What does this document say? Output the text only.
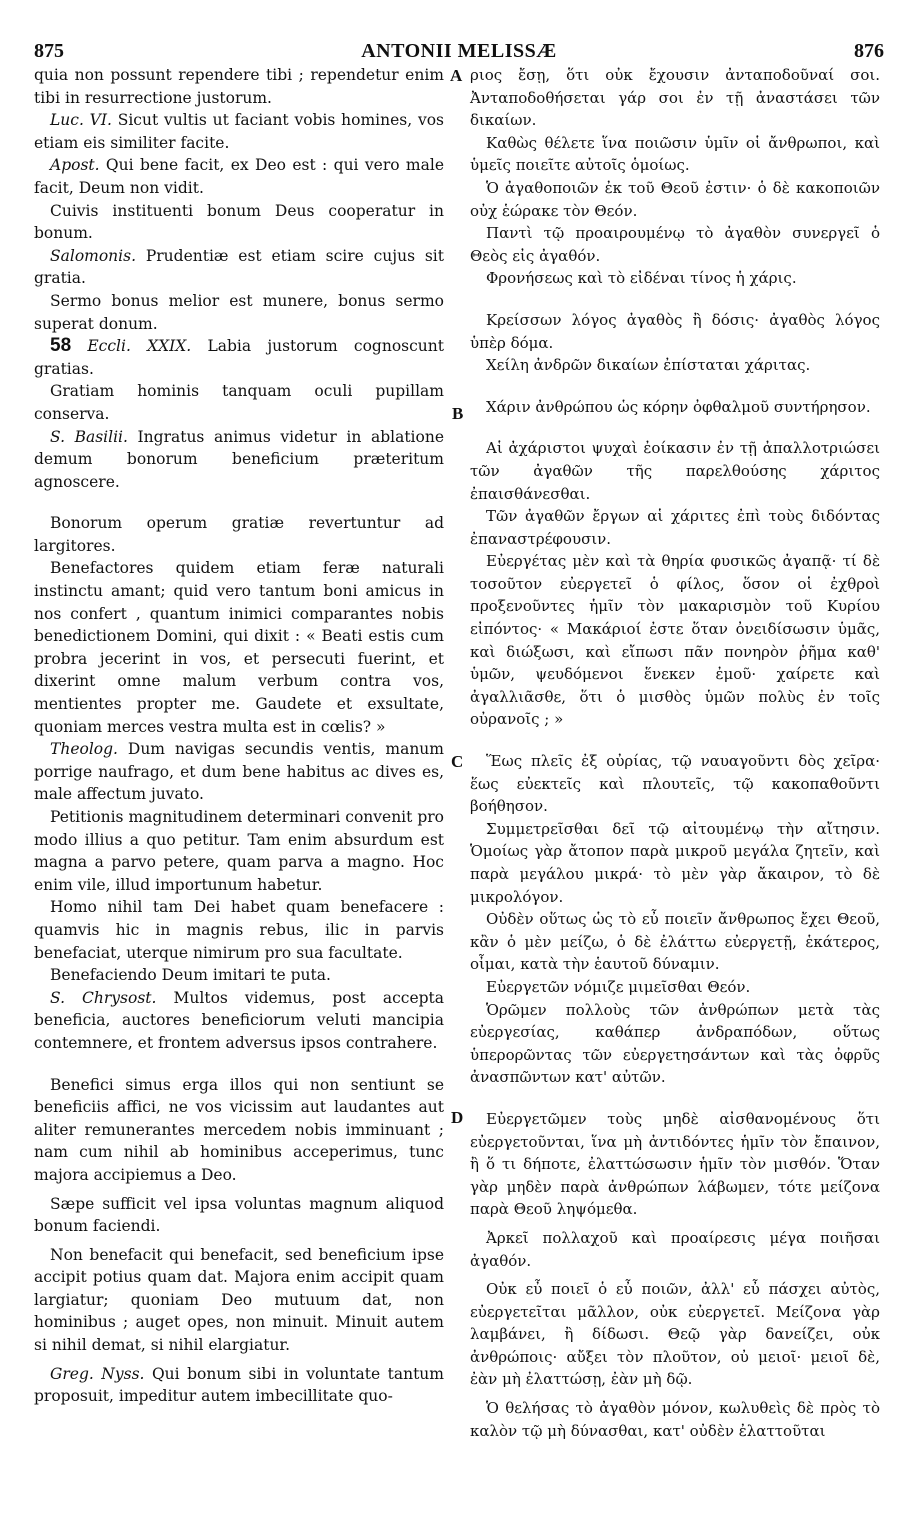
875	ANTONII MELISSÆ	876
A
B
C
D

quia non possunt rependere tibi ; rependetur enim tibi in resurrectione justorum.

Luc. VI. Sicut vultis ut faciant vobis homines, vos etiam eis similiter facite.

Apost. Qui bene facit, ex Deo est : qui vero male facit, Deum non vidit.

Cuivis instituenti bonum Deus cooperatur in bonum.

Salomonis. Prudentiæ est etiam scire cujus sit gratia.

Sermo bonus melior est munere, bonus sermo superat donum.

58 Eccli. XXIX. Labia justorum cognoscunt gratias.

Gratiam hominis tanquam oculi pupillam conserva.

S. Basilii. Ingratus animus videtur in ablatione demum bonorum beneficium præteritum agnoscere.

Bonorum operum gratiæ revertuntur ad largitores.

Benefactores quidem etiam feræ naturali instinctu amant; quid vero tantum boni amicus in nos confert , quantum inimici comparantes nobis benedictionem Domini, qui dixit : « Beati estis cum probra jecerint in vos, et persecuti fuerint, et dixerint omne malum verbum contra vos, mentientes propter me. Gaudete et exsultate, quoniam merces vestra multa est in cœlis? »

Theolog. Dum navigas secundis ventis, manum porrige naufrago, et dum bene habitus ac dives es, male affectum juvato.

Petitionis magnitudinem determinari convenit pro modo illius a quo petitur. Tam enim absurdum est magna a parvo petere, quam parva a magno. Hoc enim vile, illud importunum habetur.

Homo nihil tam Dei habet quam benefacere : quamvis hic in magnis rebus, ilic in parvis benefaciat, uterque nimirum pro sua facultate.

Benefaciendo Deum imitari te puta.

S. Chrysost. Multos videmus, post accepta beneficia, auctores beneficiorum veluti mancipia contemnere, et frontem adversus ipsos contrahere.

Benefici simus erga illos qui non sentiunt se beneficiis affici, ne vos vicissim aut laudantes aut aliter remunerantes mercedem nobis imminuant ; nam cum nihil ab hominibus acceperimus, tunc majora accipiemus a Deo.

Sæpe sufficit vel ipsa voluntas magnum aliquod bonum faciendi.

Non benefacit qui benefacit, sed beneficium ipse accipit potius quam dat. Majora enim accipit quam largiatur; quoniam Deo mutuum dat, non hominibus ; auget opes, non minuit. Minuit autem si nihil demat, si nihil elargiatur.

Greg. Nyss. Qui bonum sibi in voluntate tantum proposuit, impeditur autem imbecillitate quo-

ριος ἔσῃ, ὅτι οὐκ ἔχουσιν ἀνταποδοῦναί σοι. Ἀνταποδοθήσεται γάρ σοι ἐν τῇ ἀναστάσει τῶν δικαίων.

Καθὼς θέλετε ἵνα ποιῶσιν ὑμῖν οἱ ἄνθρωποι, καὶ ὑμεῖς ποιεῖτε αὐτοῖς ὁμοίως.

Ὁ ἀγαθοποιῶν ἐκ τοῦ Θεοῦ ἐστιν· ὁ δὲ κακοποιῶν οὐχ ἑώρακε τὸν Θεόν.

Παντὶ τῷ προαιρουμένῳ τὸ ἀγαθὸν συνεργεῖ ὁ Θεὸς εἰς ἀγαθόν.

Φρονήσεως καὶ τὸ εἰδέναι τίνος ἡ χάρις.

Κρείσσων λόγος ἀγαθὸς ἢ δόσις· ἀγαθὸς λόγος ὑπὲρ δόμα.

Χείλη ἀνδρῶν δικαίων ἐπίσταται χάριτας.

Χάριν ἀνθρώπου ὡς κόρην ὀφθαλμοῦ συντήρησον.

Αἱ ἀχάριστοι ψυχαὶ ἐοίκασιν ἐν τῇ ἀπαλλοτριώσει τῶν ἀγαθῶν τῆς παρελθούσης χάριτος ἐπαισθάνεσθαι.

Τῶν ἀγαθῶν ἔργων αἱ χάριτες ἐπὶ τοὺς διδόντας ἐπαναστρέφουσιν.

Εὐεργέτας μὲν καὶ τὰ θηρία φυσικῶς ἀγαπᾷ· τί δὲ τοσοῦτον εὐεργετεῖ ὁ φίλος, ὅσον οἱ ἐχθροὶ προξενοῦντες ἡμῖν τὸν μακαρισμὸν τοῦ Κυρίου εἰπόντος· « Μακάριοί ἐστε ὅταν ὀνειδίσωσιν ὑμᾶς, καὶ διώξωσι, καὶ εἴπωσι πᾶν πονηρὸν ῥῆμα καθ' ὑμῶν, ψευδόμενοι ἕνεκεν ἐμοῦ· χαίρετε καὶ ἀγαλλιᾶσθε, ὅτι ὁ μισθὸς ὑμῶν πολὺς ἐν τοῖς οὐρανοῖς ; »

Ἕως πλεῖς ἐξ οὐρίας, τῷ ναυαγοῦντι δὸς χεῖρα· ἕως εὐεκτεῖς καὶ πλουτεῖς, τῷ κακοπαθοῦντι βοήθησον.

Συμμετρεῖσθαι δεῖ τῷ αἰτουμένῳ τὴν αἴτησιν. Ὁμοίως γὰρ ἄτοπον παρὰ μικροῦ μεγάλα ζητεῖν, καὶ παρὰ μεγάλου μικρά· τὸ μὲν γὰρ ἄκαιρον, τὸ δὲ μικρολόγον.

Οὐδὲν οὕτως ὡς τὸ εὖ ποιεῖν ἄνθρωπος ἔχει Θεοῦ, κἂν ὁ μὲν μείζω, ὁ δὲ ἐλάττω εὐεργετῇ, ἑκάτερος, οἶμαι, κατὰ τὴν ἑαυτοῦ δύναμιν.

Εὐεργετῶν νόμιζε μιμεῖσθαι Θεόν.

Ὁρῶμεν πολλοὺς τῶν ἀνθρώπων μετὰ τὰς εὐεργεσίας, καθάπερ ἀνδραπόδων, οὕτως ὑπερορῶντας τῶν εὐεργετησάντων καὶ τὰς ὀφρῦς ἀνασπῶντων κατ' αὐτῶν.

Εὐεργετῶμεν τοὺς μηδὲ αἰσθανομένους ὅτι εὐεργετοῦνται, ἵνα μὴ ἀντιδόντες ἡμῖν τὸν ἔπαινον, ἢ ὅ τι δήποτε, ἐλαττώσωσιν ἡμῖν τὸν μισθόν. Ὅταν γὰρ μηδὲν παρὰ ἀνθρώπων λάβωμεν, τότε μείζονα παρὰ Θεοῦ ληψόμεθα.

Ἀρκεῖ πολλαχοῦ καὶ προαίρεσις μέγα ποιῆσαι ἀγαθόν.

Οὐκ εὖ ποιεῖ ὁ εὖ ποιῶν, ἀλλ' εὖ πάσχει αὐτὸς, εὐεργετεῖται μᾶλλον, οὐκ εὐεργετεῖ. Μείζονα γὰρ λαμβάνει, ἢ δίδωσι. Θεῷ γὰρ δανείζει, οὐκ ἀνθρώποις· αὔξει τὸν πλοῦτον, οὐ μειοῖ· μειοῖ δὲ, ἐὰν μὴ ἐλαττώσῃ, ἐὰν μὴ δῷ.

Ὁ θελήσας τὸ ἀγαθὸν μόνον, κωλυθεὶς δὲ πρὸς τὸ καλὸν τῷ μὴ δύνασθαι, κατ' οὐδὲν ἐλαττοῦται
